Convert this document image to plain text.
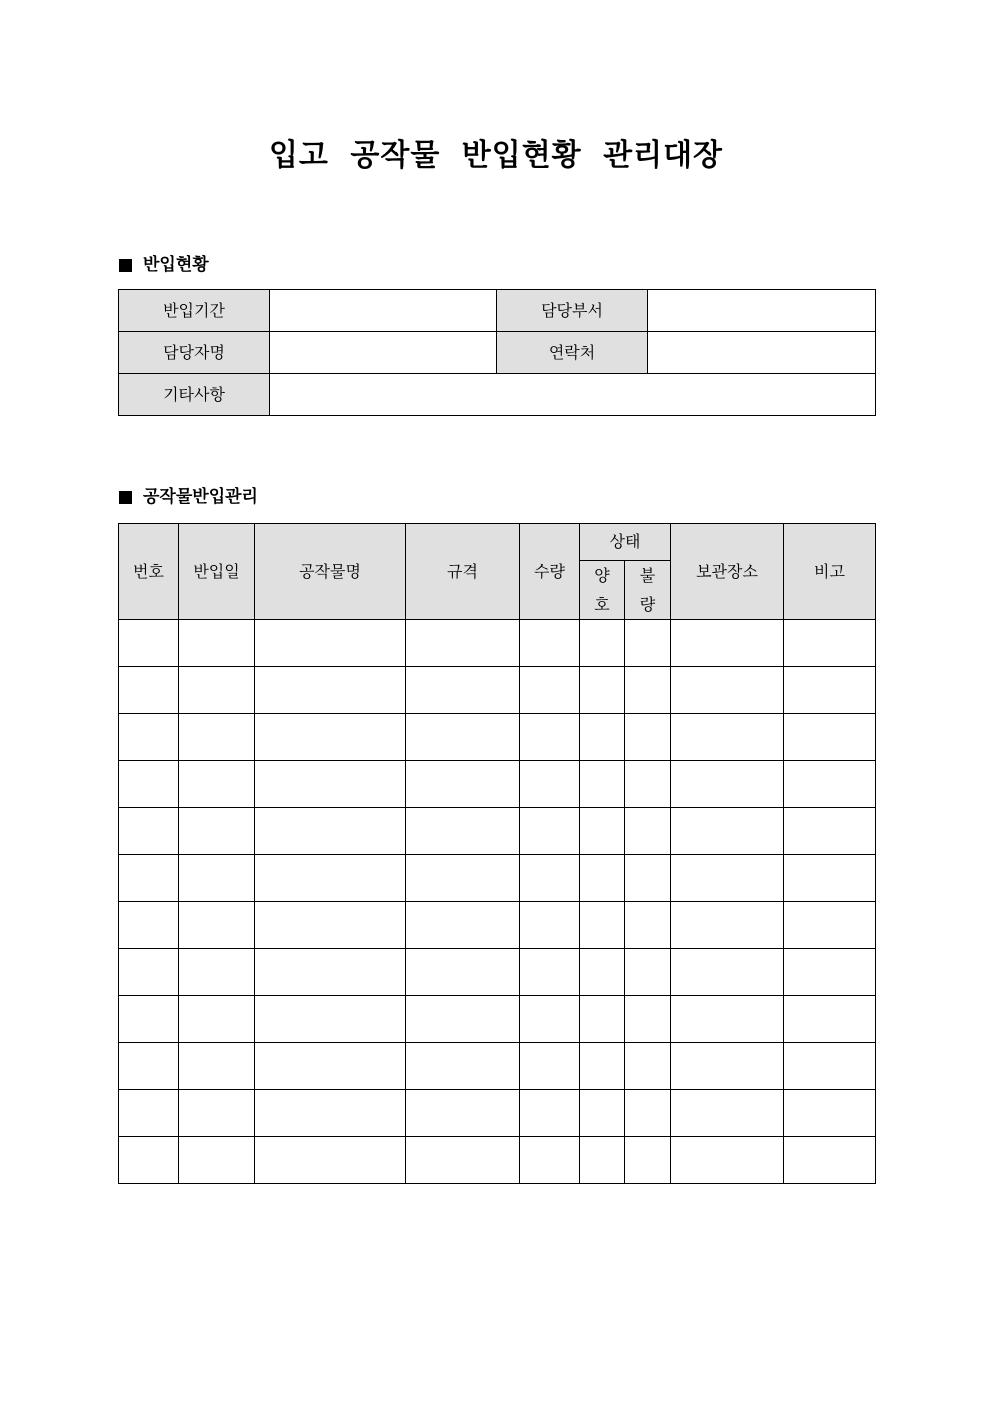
입고 공작물 반입현황 관리대장
반입현황
반입기간		담당부서	
담당자명		연락처	
기타사항			
공작물반입관리
번호	반입일	공작물명	규격	수량	상태		보관장소	비고
					양호	불량		
